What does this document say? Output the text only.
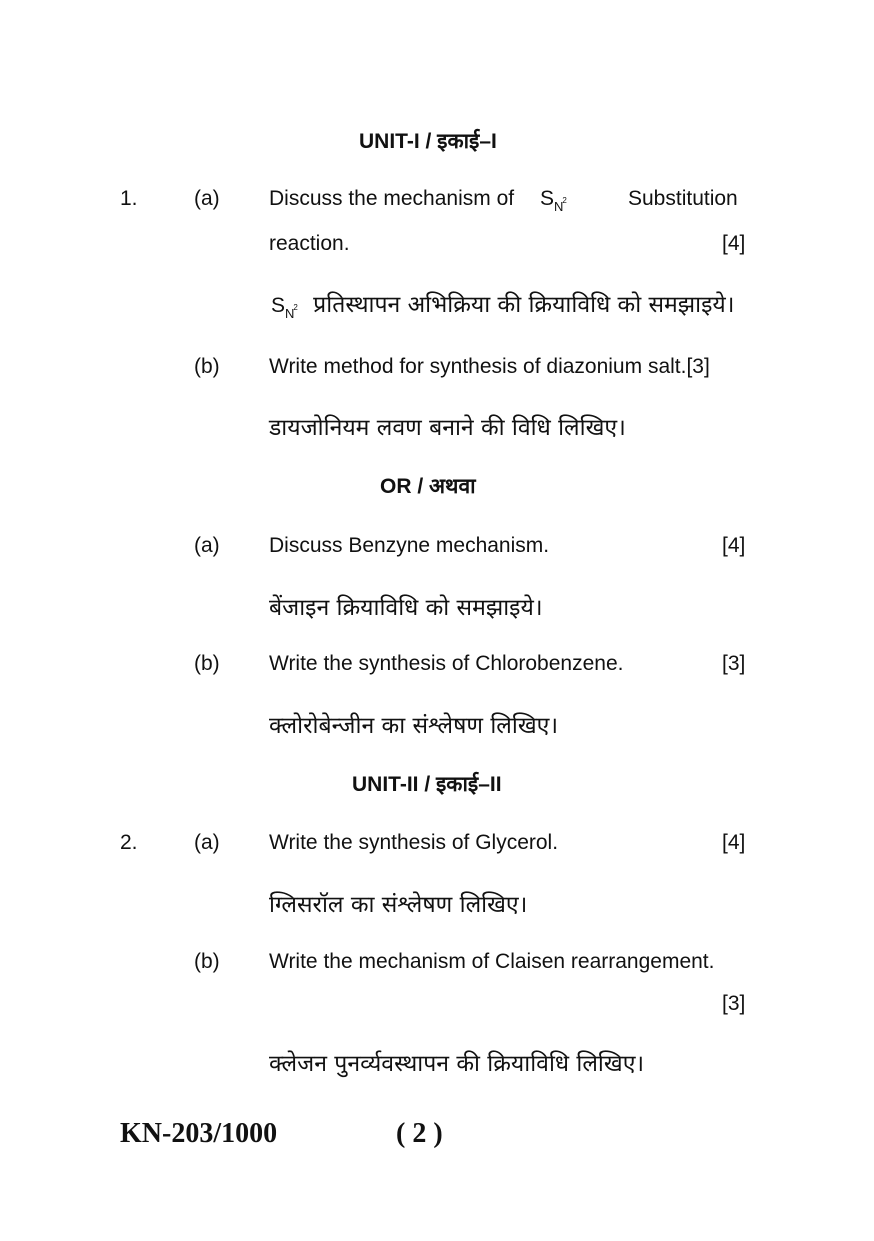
UNIT-I / इकाई–I
1.	(a) Discuss the mechanism of $S_N^2$	Substitution
reaction.	[4]
$S_N^2$ प्रतिस्थापन अभिक्रिया की क्रियाविधि को समझाइये।
(b) Write method for synthesis of diazonium salt.[3]
डायजोनियम लवण बनाने की विधि लिखिए।
OR / अथवा
(a) Discuss Benzyne mechanism.	[4]
बेंजाइन क्रियाविधि को समझाइये।
(b) Write the synthesis of Chlorobenzene.	[3]
क्लोरोबेन्जीन का संश्लेषण लिखिए।
UNIT-II / इकाई–II
2.	(a) Write the synthesis of Glycerol.	[4]
ग्लिसरॉल का संश्लेषण लिखिए।
(b) Write the mechanism of Claisen rearrangement.
[3]
क्लेजन पुनर्व्यवस्थापन की क्रियाविधि लिखिए।
KN-203/1000	( 2 )
